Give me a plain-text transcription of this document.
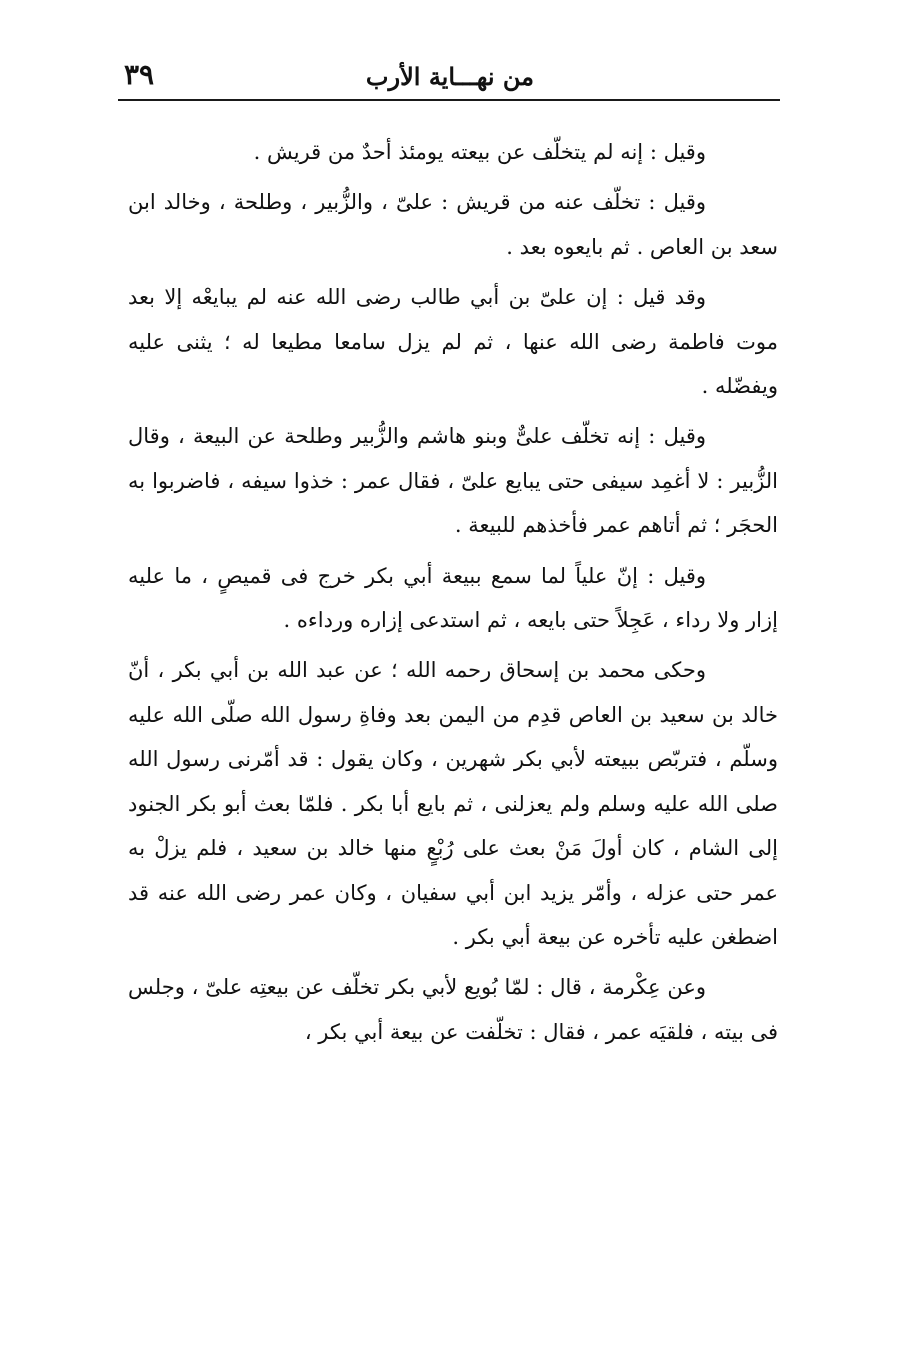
من نهـــاية الأرب
٣٩

وقيل : إنه لم يتخلّف عن بيعته يومئذ أحدٌ من قريش .

وقيل : تخلّف عنه من قريش : علىّ ، والزُّبير ، وطلحة ، وخالد ابن سعد بن العاص . ثم بايعوه بعد .

وقد قيل : إن علىّ بن أبي طالب رضى الله عنه لم يبايعْه إلا بعد موت فاطمة رضى الله عنها ، ثم لم يزل سامعا مطيعا له ؛ يثنى عليه ويفضّله .

وقيل : إنه تخلّف علىٌّ وبنو هاشم والزُّبير وطلحة عن البيعة ، وقال الزُّبير : لا أغمِد سيفى حتى يبايع علىّ ، فقال عمر : خذوا سيفه ، فاضربوا به الحجَر ؛ ثم أتاهم عمر فأخذهم للبيعة .

وقيل : إنّ علياً لما سمع ببيعة أبي بكر خرج فى قميصٍ ، ما عليه إزار ولا رداء ، عَجِلاً حتى بايعه ، ثم استدعى إزاره ورداءه .

وحكى محمد بن إسحاق رحمه الله ؛ عن عبد الله بن أبي بكر ، أنّ خالد بن سعيد بن العاص قدِم من اليمن بعد وفاةِ رسول الله صلّى الله عليه وسلّم ، فتربّص ببيعته لأبي بكر شهرين ، وكان يقول : قد أمّرنى رسول الله صلى الله عليه وسلم ولم يعزلنى ، ثم بايع أبا بكر . فلمّا بعث أبو بكر الجنود إلى الشام ، كان أولَ مَنْ بعث على رُبْعٍ منها خالد بن سعيد ، فلم يزلْ به عمر حتى عزله ، وأمّر يزيد ابن أبي سفيان ، وكان عمر رضى الله عنه قد اضطغن عليه تأخره عن بيعة أبي بكر .

وعن عِكْرمة ، قال : لمّا بُويع لأبي بكر تخلّف عن بيعتِه علىّ ، وجلس فى بيته ، فلقيَه عمر ، فقال : تخلّفت عن بيعة أبي بكر ،
